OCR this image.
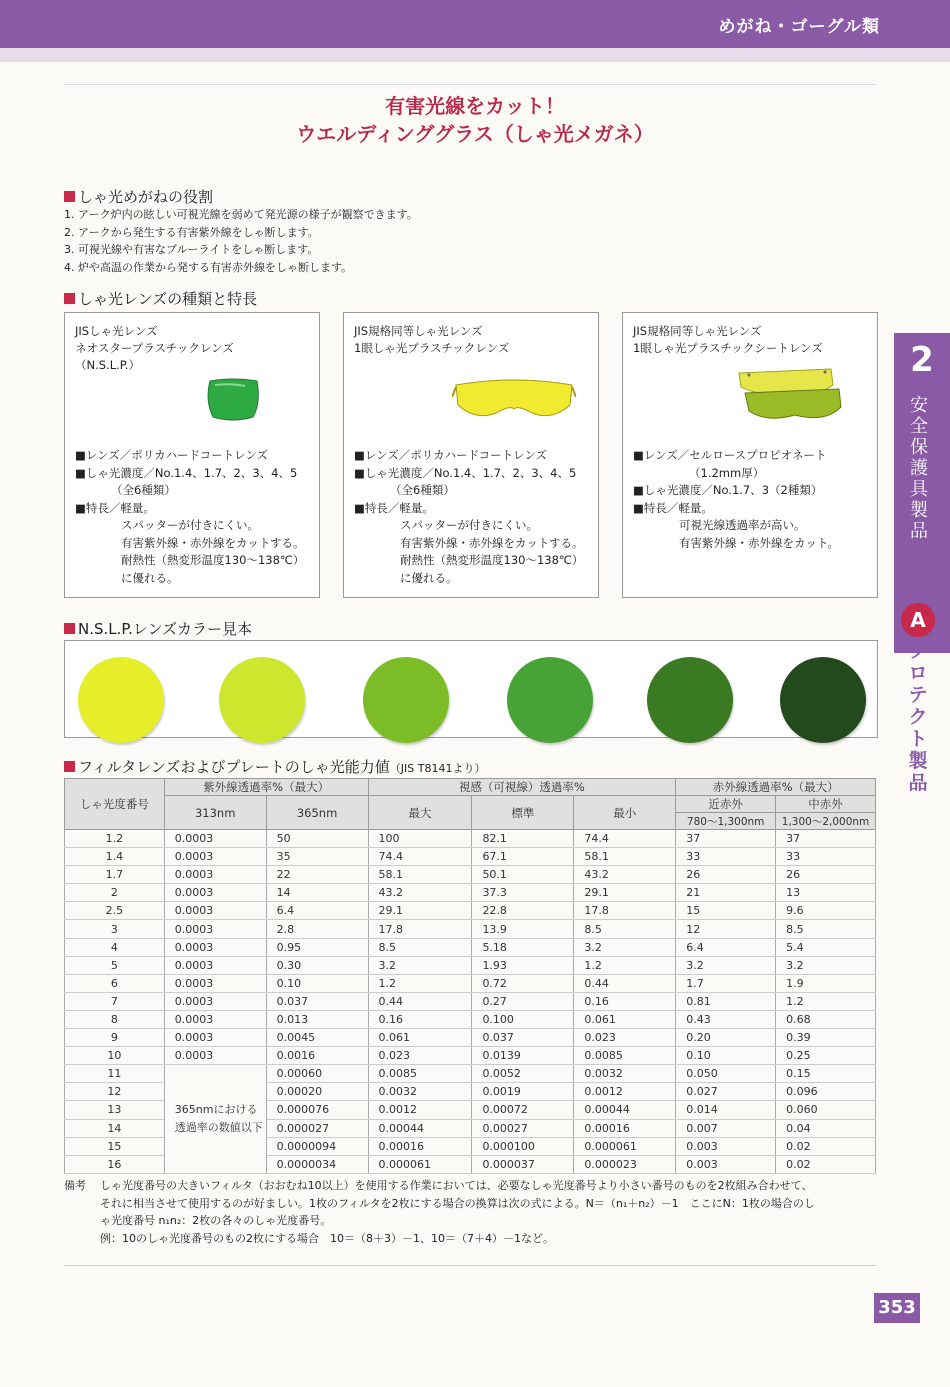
めがね・ゴーグル類
有害光線をカット！
ウエルディンググラス（しゃ光メガネ）
しゃ光めがねの役割
1. アーク炉内の眩しい可視光線を弱めて発光源の様子が観察できます。
2. アークから発生する有害紫外線をしゃ断します。
3. 可視光線や有害なブルーライトをしゃ断します。
4. 炉や高温の作業から発する有害赤外線をしゃ断します。
しゃ光レンズの種類と特長
JISしゃ光レンズ
ネオスタープラスチックレンズ
（N.S.L.P.）
■レンズ／ポリカハードコートレンズ
■しゃ光濃度／No.1.4、1.7、2、3、4、5
（全6種類）
■特長／軽量。
スパッターが付きにくい。
有害紫外線・赤外線をカットする。
耐熱性（熱変形温度130～138℃）
に優れる。
JIS規格同等しゃ光レンズ
1眼しゃ光プラスチックレンズ
■レンズ／ポリカハードコートレンズ
■しゃ光濃度／No.1.4、1.7、2、3、4、5
（全6種類）
■特長／軽量。
スパッターが付きにくい。
有害紫外線・赤外線をカットする。
耐熱性（熱変形温度130～138℃）
に優れる。
JIS規格同等しゃ光レンズ
1眼しゃ光プラスチックシートレンズ
■レンズ／セルロースプロピオネート
（1.2mm厚）
■しゃ光濃度／No.1.7、3（2種類）
■特長／軽量。
可視光線透過率が高い。
有害紫外線・赤外線をカット。
N.S.L.P.レンズカラー見本
フィルタレンズおよびプレートのしゃ光能力値（JIS T8141より）
しゃ光度番号	紫外線透過率%（最大）		視感（可視線）透過率%			赤外線透過率%（最大）	
	313nm	365nm	最大	標準	最小	近赤外	中赤外
						780～1,300nm	1,300～2,000nm
1.2	0.0003	50	100	82.1	74.4	37	37
1.4	0.0003	35	74.4	67.1	58.1	33	33
1.7	0.0003	22	58.1	50.1	43.2	26	26
2	0.0003	14	43.2	37.3	29.1	21	13
2.5	0.0003	6.4	29.1	22.8	17.8	15	9.6
3	0.0003	2.8	17.8	13.9	8.5	12	8.5
4	0.0003	0.95	8.5	5.18	3.2	6.4	5.4
5	0.0003	0.30	3.2	1.93	1.2	3.2	3.2
6	0.0003	0.10	1.2	0.72	0.44	1.7	1.9
7	0.0003	0.037	0.44	0.27	0.16	0.81	1.2
8	0.0003	0.013	0.16	0.100	0.061	0.43	0.68
9	0.0003	0.0045	0.061	0.037	0.023	0.20	0.39
10	0.0003	0.0016	0.023	0.0139	0.0085	0.10	0.25
11	365nmにおける透過率の数値以下	0.00060	0.0085	0.0052	0.0032	0.050	0.15
12		0.00020	0.0032	0.0019	0.0012	0.027	0.096
13		0.000076	0.0012	0.00072	0.00044	0.014	0.060
14		0.000027	0.00044	0.00027	0.00016	0.007	0.04
15		0.0000094	0.00016	0.000100	0.000061	0.003	0.02
16		0.0000034	0.000061	0.000037	0.000023	0.003	0.02
備考 しゃ光度番号の大きいフィルタ（おおむね10以上）を使用する作業においては、必要なしゃ光度番号より小さい番号のものを2枚組み合わせて、
それに相当させて使用するのが好ましい。1枚のフィルタを2枚にする場合の換算は次の式による。N＝（n₁＋n₂）－1　ここにN：1枚の場合のし
ゃ光度番号 n₁n₂：2枚の各々のしゃ光度番号。
例：10のしゃ光度番号のもの2枚にする場合　10＝（8＋3）－1、10＝（7＋4）－1など。
2
安全保護具製品
A
プロテクト製品
353
